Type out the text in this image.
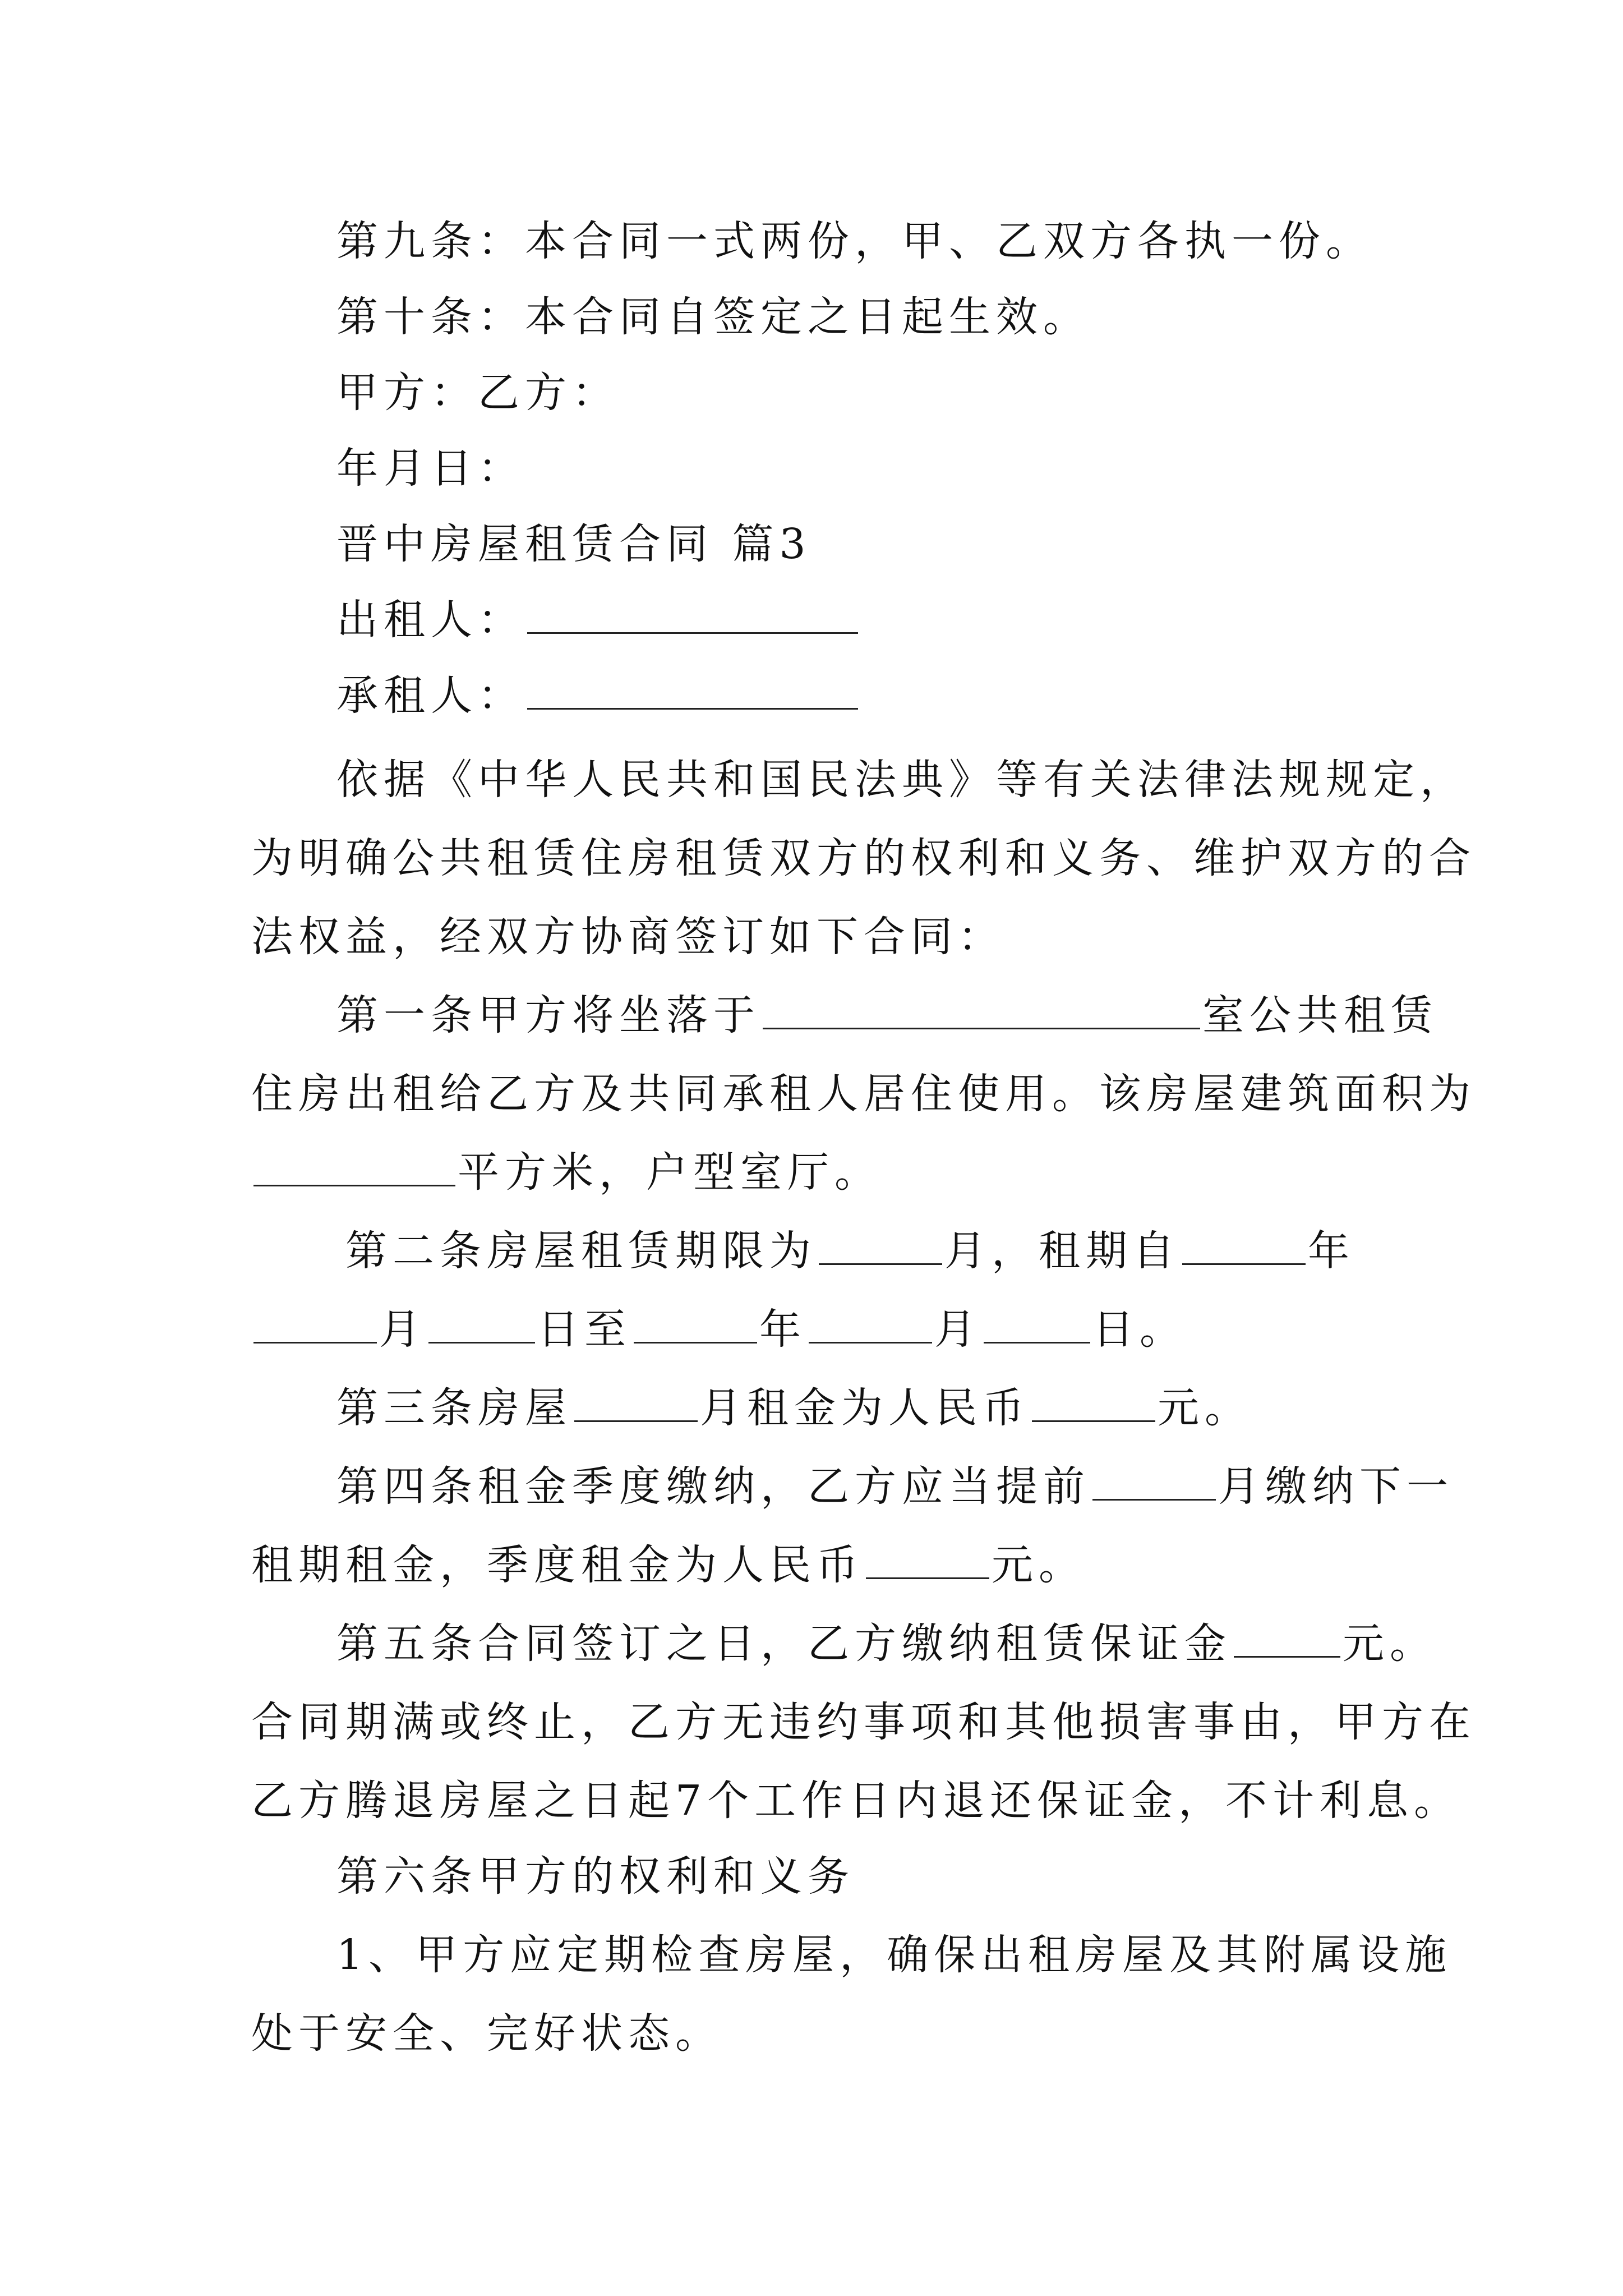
第九条：本合同一式两份，甲、乙双方各执一份。
第十条：本合同自签定之日起生效。
甲方：乙方：
年月日：
晋中房屋租赁合同 篇3
出租人：
承租人：
依据《中华人民共和国民法典》等有关法律法规规定，
为明确公共租赁住房租赁双方的权利和义务、维护双方的合
法权益，经双方协商签订如下合同：
第一条甲方将坐落于	室公共租赁
住房出租给乙方及共同承租人居住使用。该房屋建筑面积为
平方米，户型室厅。
第二条房屋租赁期限为	月，租期自	年
月	日至	年	月	日。
第三条房屋	月租金为人民币	元。
第四条租金季度缴纳，乙方应当提前	月缴纳下一
租期租金，季度租金为人民币	元。
第五条合同签订之日，乙方缴纳租赁保证金	元。
合同期满或终止，乙方无违约事项和其他损害事由，甲方在
乙方腾退房屋之日起7个工作日内退还保证金，不计利息。
第六条甲方的权利和义务
1、甲方应定期检查房屋，确保出租房屋及其附属设施
处于安全、完好状态。
